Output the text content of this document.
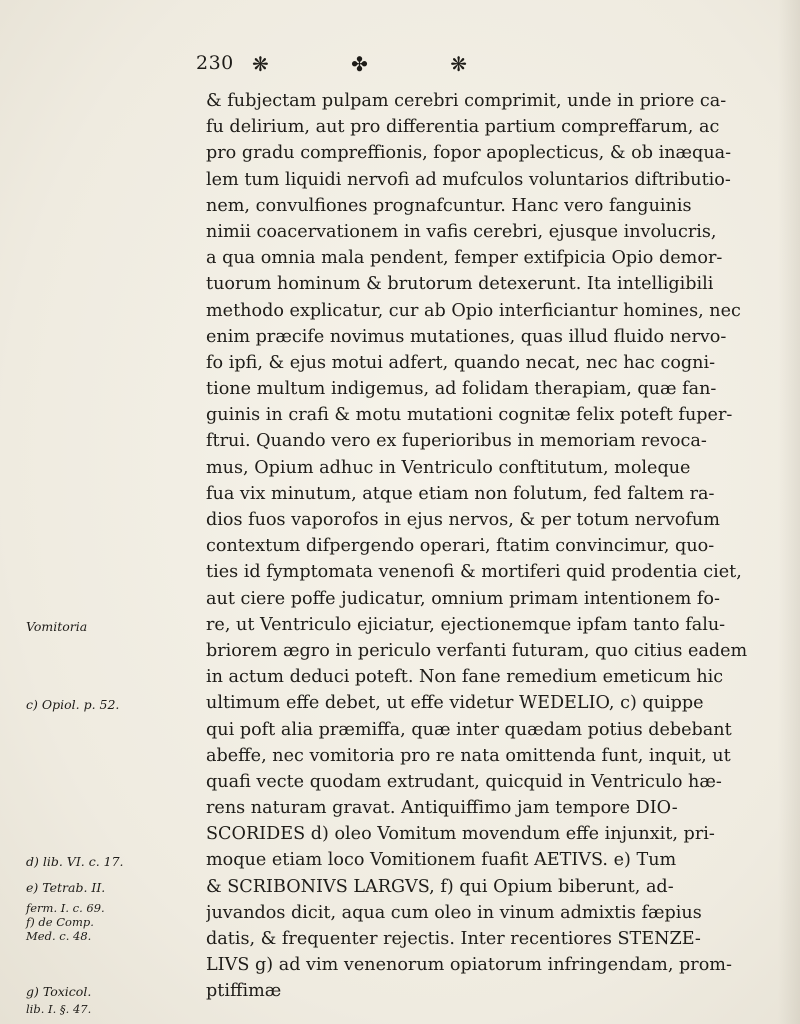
230 ❋ ✤ ❋
& fubjectam pulpam cerebri comprimit, unde in priore ca-
fu delirium, aut pro differentia partium compreffarum, ac
pro gradu compreffionis, fopor apoplecticus, & ob inæqua-
lem tum liquidi nervofi ad mufculos voluntarios diftributio-
nem, convulfiones prognafcuntur. Hanc vero fanguinis
nimii coacervationem in vafis cerebri, ejusque involucris,
a qua omnia mala pendent, femper extifpicia Opio demor-
tuorum hominum & brutorum detexerunt. Ita intelligibili
methodo explicatur, cur ab Opio interficiantur homines, nec
enim præcife novimus mutationes, quas illud fluido nervo-
fo ipfi, & ejus motui adfert, quando necat, nec hac cogni-
tione multum indigemus, ad folidam therapiam, quæ fan-
guinis in crafi & motu mutationi cognitæ felix poteft fuper-
ftrui. Quando vero ex fuperioribus in memoriam revoca-
mus, Opium adhuc in Ventriculo conftitutum, moleque
fua vix minutum, atque etiam non folutum, fed faltem ra-
dios fuos vaporofos in ejus nervos, & per totum nervofum
contextum difpergendo operari, ftatim convincimur, quo-
ties id fymptomata venenofi & mortiferi quid prodentia ciet,
aut ciere poffe judicatur, omnium primam intentionem fo-
re, ut Ventriculo ejiciatur, ejectionemque ipfam tanto falu-
briorem ægro in periculo verfanti futuram, quo citius eadem
in actum deduci poteft. Non fane remedium emeticum hic
ultimum effe debet, ut effe videtur WEDELIO, c) quippe
qui poft alia præmiffa, quæ inter quædam potius debebant
abeffe, nec vomitoria pro re nata omittenda funt, inquit, ut
quafi vecte quodam extrudant, quicquid in Ventriculo hæ-
rens naturam gravat. Antiquiffimo jam tempore DIO-
SCORIDES d) oleo Vomitum movendum effe injunxit, pri-
moque etiam loco Vomitionem fuafit AETIVS. e) Tum
& SCRIBONIVS LARGVS, f) qui Opium biberunt, ad-
juvandos dicit, aqua cum oleo in vinum admixtis fæpius
datis, & frequenter rejectis. Inter recentiores STENZE-
LIVS g) ad vim venenorum opiatorum infringendam, prom-
ptiffimæ
Vomitoria
c) Opiol. p. 52.
d) lib. VI. c. 17.
e) Tetrab. II.
ferm. I. c. 69.
f) de Comp.
Med. c. 48.
g) Toxicol.
lib. I. §. 47.
